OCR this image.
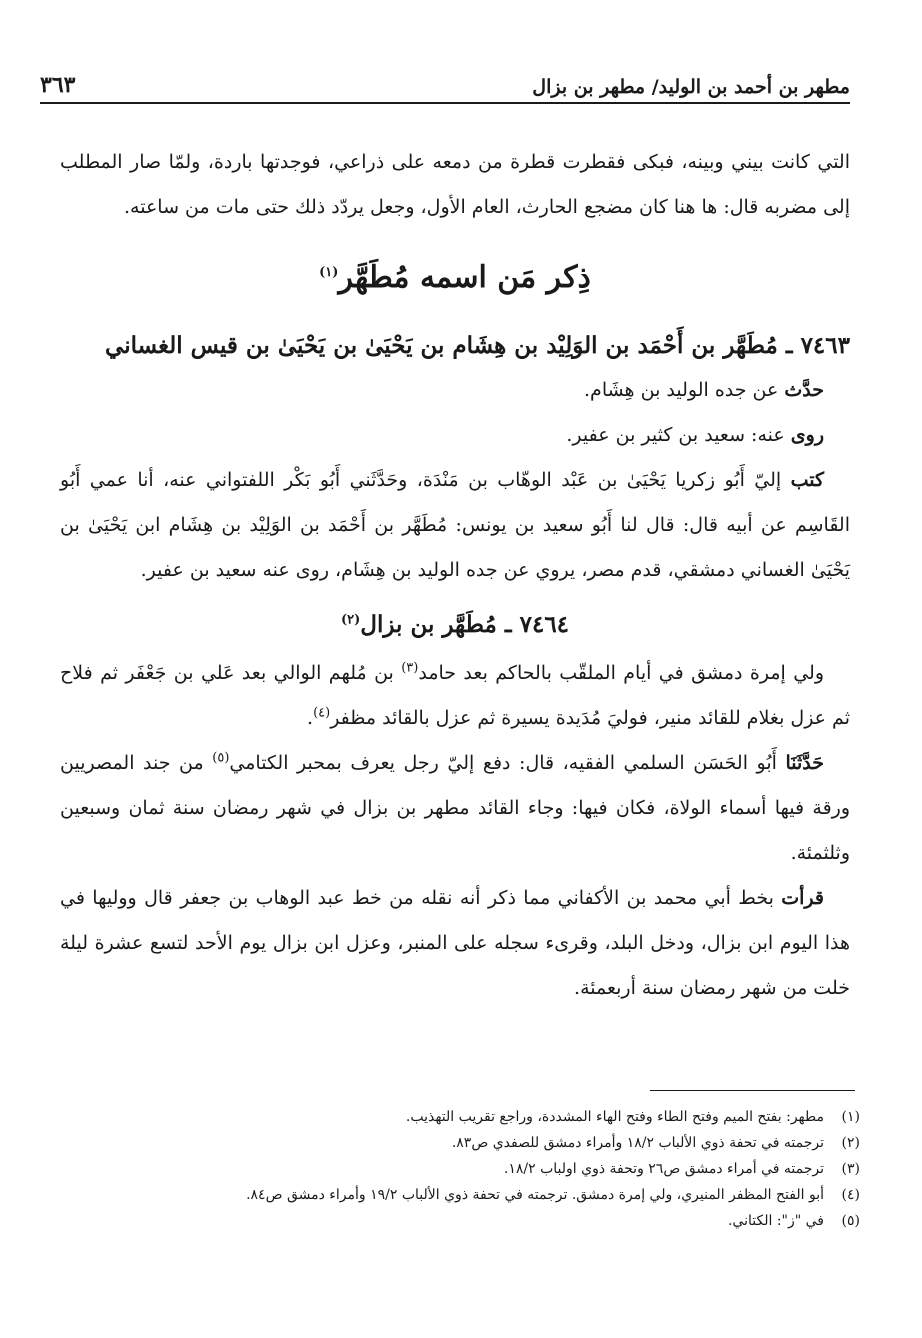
٣٦٣	مطهر بن أحمد بن الوليد/ مطهر بن بزال

التي كانت بيني وبينه، فبكى فقطرت قطرة من دمعه على ذراعي، فوجدتها باردة، ولمّا صار المطلب إلى مضربه قال: ها هنا كان مضجع الحارث، العام الأول، وجعل يردّد ذلك حتى مات من ساعته.

ذِكر مَن اسمه مُطَهَّر$^{(١)}$

٧٤٦٣ ـ مُطَهَّر بن أَحْمَد بن الوَلِيْد بن هِشَام بن يَحْيَىٰ بن يَحْيَىٰ بن قيس الغساني

حدَّث عن جده الوليد بن هِشَام.

روى عنه: سعيد بن كثير بن عفير.

كتب إليّ أَبُو زكريا يَحْيَىٰ بن عَبْد الوهّاب بن مَنْدَة، وحَدَّثَني أَبُو بَكْر اللفتواني عنه، أنا عمي أَبُو القَاسِم عن أبيه قال: قال لنا أَبُو سعيد بن يونس: مُطَهَّر بن أَحْمَد بن الوَلِيْد بن هِشَام ابن يَحْيَىٰ بن يَحْيَىٰ الغساني دمشقي، قدم مصر، يروي عن جده الوليد بن هِشَام، روى عنه سعيد بن عفير.

٧٤٦٤ ـ مُطَهَّر بن بزال$^{(٢)}$

ولي إمرة دمشق في أيام الملقّب بالحاكم بعد حامد$^{(٣)}$ بن مُلهم الوالي بعد عَلي بن جَعْفَر ثم فلاح ثم عزل بغلام للقائد منير، فوليَ مُدَيدة يسيرة ثم عزل بالقائد مظفر$^{(٤)}$.

حَدَّثَنَا أَبُو الحَسَن السلمي الفقيه، قال: دفع إليّ رجل يعرف بمحبر الكتامي$^{(٥)}$ من جند المصريين ورقة فيها أسماء الولاة، فكان فيها: وجاء القائد مطهر بن بزال في شهر رمضان سنة ثمان وسبعين وثلثمئة.

قرأت بخط أبي محمد بن الأكفاني مما ذكر أنه نقله من خط عبد الوهاب بن جعفر قال ووليها في هذا اليوم ابن بزال، ودخل البلد، وقرىء سجله على المنبر، وعزل ابن بزال يوم الأحد لتسع عشرة ليلة خلت من شهر رمضان سنة أربعمئة.

(١)مطهر: بفتح الميم وفتح الطاء وفتح الهاء المشددة، وراجع تقريب التهذيب.
(٢)ترجمته في تحفة ذوي الألباب ١٨/٢ وأمراء دمشق للصفدي ص٨٣.
(٣)ترجمته في أمراء دمشق ص٢٦ وتحفة ذوي اولباب ١٨/٢.
(٤)أبو الفتح المظفر المنيري، ولي إمرة دمشق. ترجمته في تحفة ذوي الألباب ١٩/٢ وأمراء دمشق ص٨٤.
(٥)في "ز": الكتاني.
